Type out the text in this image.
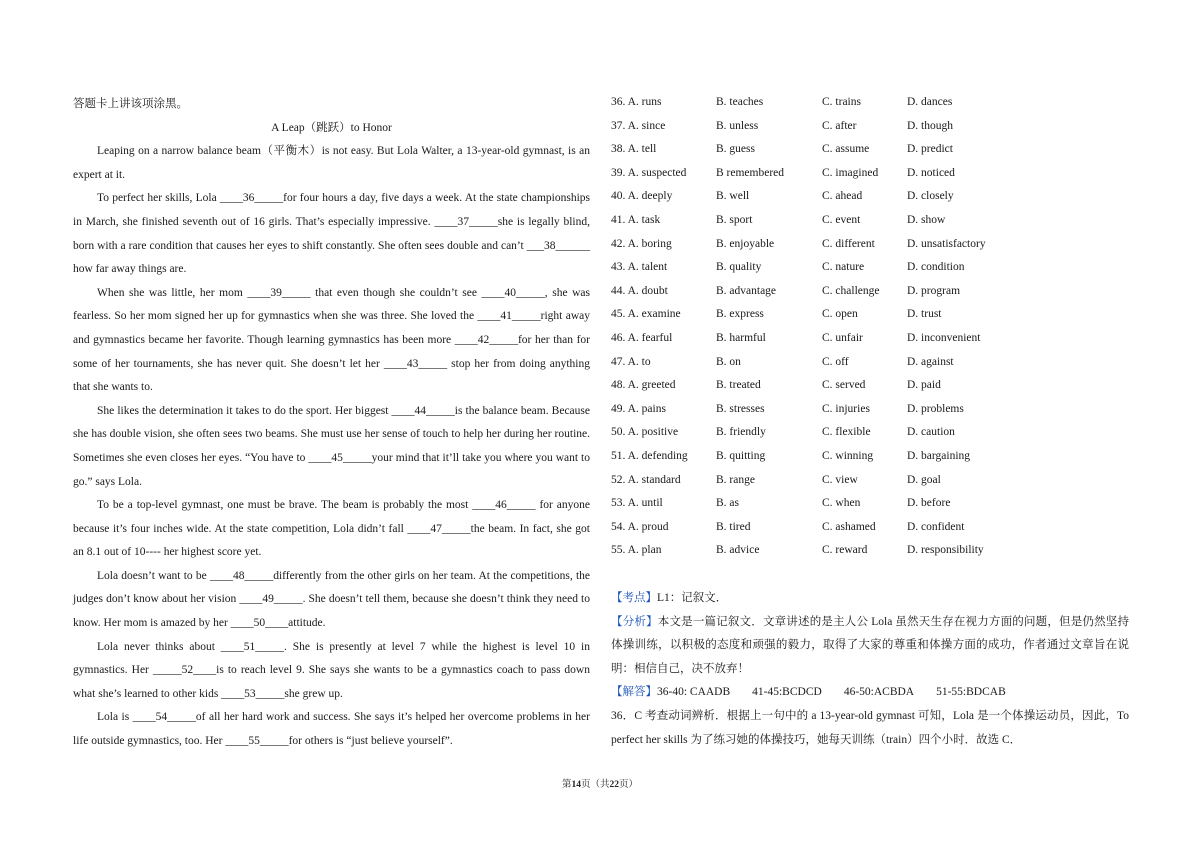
答题卡上讲该项涂黑。
A Leap（跳跃）to Honor

Leaping on a narrow balance beam（平衡木）is not easy. But Lola Walter, a 13-year-old gymnast, is an expert at it.

To perfect her skills, Lola ____36_____for four hours a day, five days a week. At the state championships in March, she finished seventh out of 16 girls. That’s especially impressive. ____37_____she is legally blind, born with a rare condition that causes her eyes to shift constantly. She often sees double and can’t ___38______ how far away things are.

When she was little, her mom ____39_____ that even though she couldn’t see ____40_____, she was fearless. So her mom signed her up for gymnastics when she was three. She loved the ____41_____right away and gymnastics became her favorite. Though learning gymnastics has been more ____42_____for her than for some of her tournaments, she has never quit. She doesn’t let her ____43_____ stop her from doing anything that she wants to.

She likes the determination it takes to do the sport. Her biggest ____44_____is the balance beam. Because she has double vision, she often sees two beams. She must use her sense of touch to help her during her routine. Sometimes she even closes her eyes. “You have to ____45_____your mind that it’ll take you where you want to go.” says Lola.

To be a top-level gymnast, one must be brave. The beam is probably the most ____46_____ for anyone because it’s four inches wide. At the state competition, Lola didn’t fall ____47_____the beam. In fact, she got an 8.1 out of 10---- her highest score yet.

Lola doesn’t want to be ____48_____differently from the other girls on her team. At the competitions, the judges don’t know about her vision ____49_____. She doesn’t tell them, because she doesn’t think they need to know. Her mom is amazed by her ____50____attitude.

Lola never thinks about ____51_____. She is presently at level 7 while the highest is level 10 in gymnastics. Her _____52____is to reach level 9. She says she wants to be a gymnastics coach to pass down what she’s learned to other kids ____53_____she grew up.

Lola is ____54_____of all her hard work and success. She says it’s helped her overcome problems in her life outside gymnastics, too. Her ____55_____for others is “just believe yourself”.

36. A. runs	B. teaches	C. trains	D. dances
37. A. since	B. unless	C. after	D. though
38. A. tell	B. guess	C. assume	D. predict
39. A. suspected	B remembered	C. imagined	D. noticed
40. A. deeply	B. well	C. ahead	D. closely
41. A. task	B. sport	C. event	D. show
42. A. boring	B. enjoyable	C. different	D. unsatisfactory
43. A. talent	B. quality	C. nature	D. condition
44. A. doubt	B. advantage	C. challenge D. program
45. A. examine	B. express	C. open	D. trust
46. A. fearful	B. harmful	C. unfair	D. inconvenient
47. A. to	B. on	C. off	D. against
48. A. greeted	B. treated	C. served	D. paid
49. A. pains	B. stresses	C. injuries	D. problems
50. A. positive	B. friendly	C. flexible	D. caution
51. A. defending B. quitting	C. winning	D. bargaining
52. A. standard	B. range	C. view	D. goal
53. A. until	B. as	C. when	D. before
54. A. proud	B. tired	C. ashamed	D. confident
55. A. plan	B. advice	C. reward	D. responsibility

【考点】L1：记叙文．

【分析】本文是一篇记叙文．文章讲述的是主人公 Lola 虽然天生存在视力方面的问题，但是仍然坚持体操训练，以积极的态度和顽强的毅力，取得了大家的尊重和体操方面的成功，作者通过文章旨在说明：相信自己，决不放弃！

【解答】36-40: CAADB 41-45:BCDCD 46-50:ACBDA 51-55:BDCAB

36．C 考查动词辨析．根据上一句中的 a 13-year-old gymnast 可知，Lola 是一个体操运动员，因此，To perfect her skills 为了练习她的体操技巧，她每天训练（train）四个小时．故选 C．

第14页（共22页）
